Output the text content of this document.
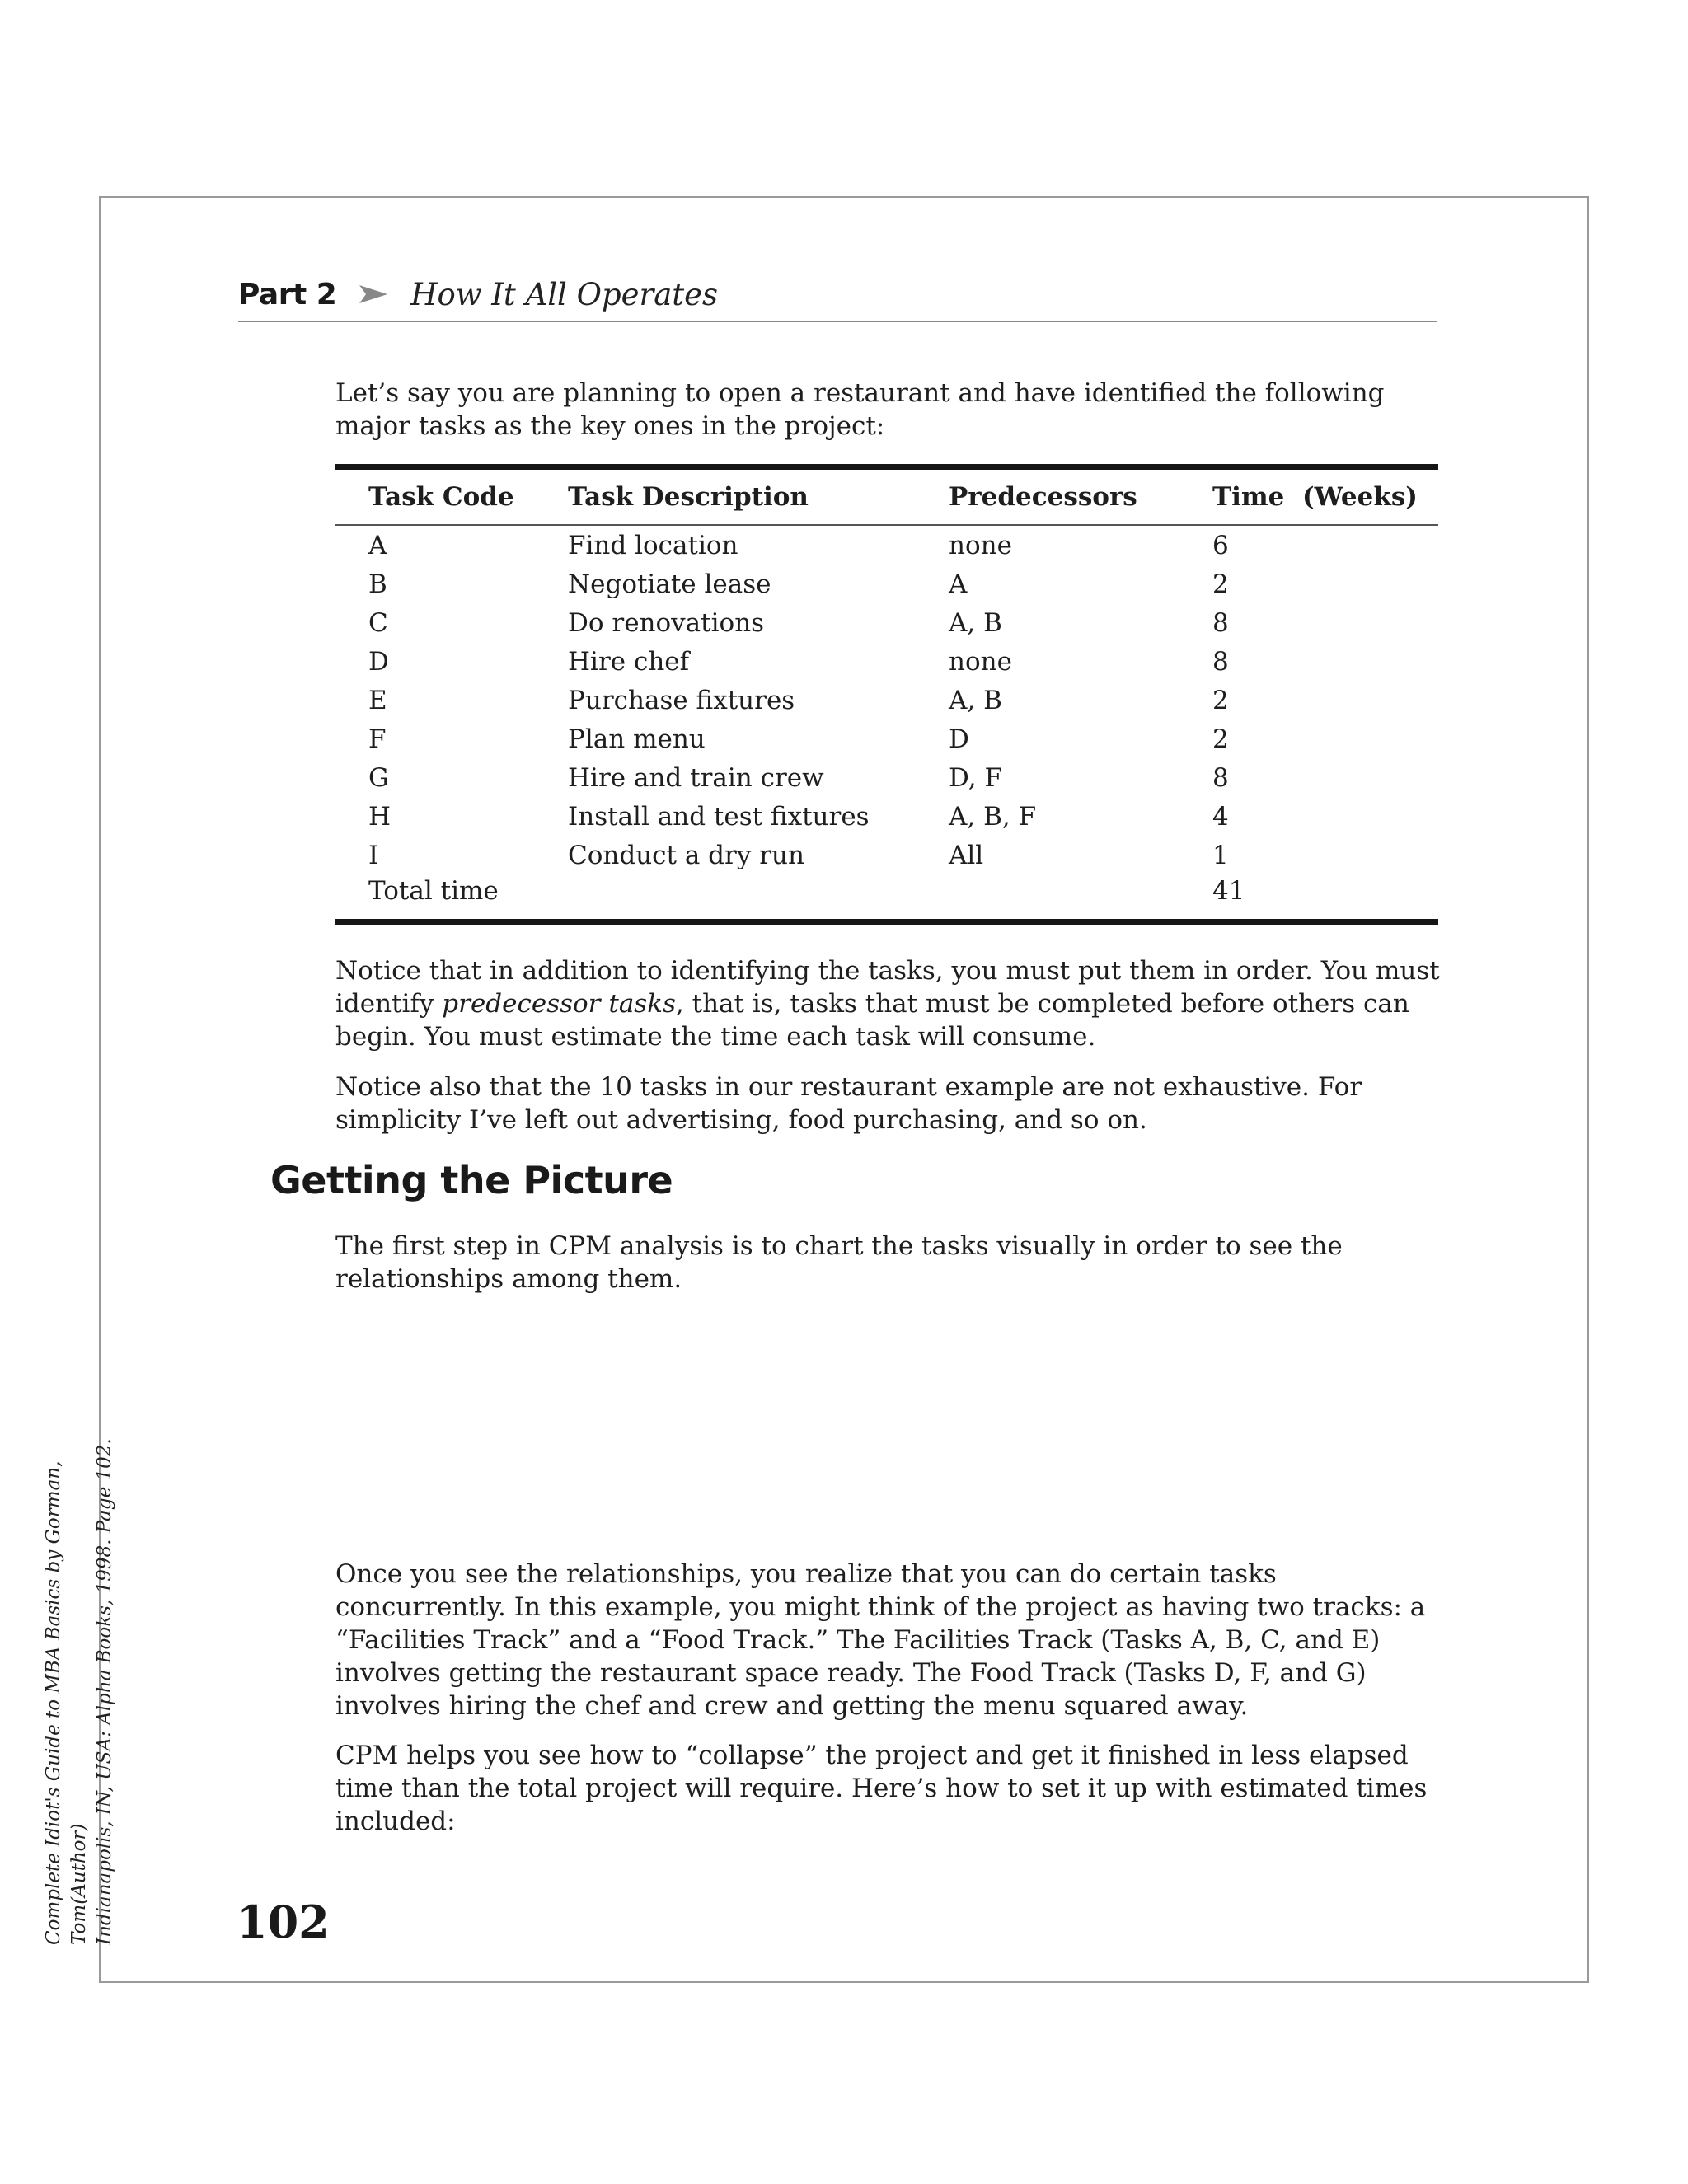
Part 2 How It All Operates

Let’s say you are planning to open a restaurant and have identified the following major tasks as the key ones in the project:

Task Code	Task Description	Predecessors	Time  (Weeks)
A	Find location	none	6
B	Negotiate lease	A	2
C	Do renovations	A, B	8
D	Hire chef	none	8
E	Purchase fixtures	A, B	2
F	Plan menu	D	2
G	Hire and train crew	D, F	8
H	Install and test fixtures	A, B, F	4
I	Conduct a dry run	All	1
Total time			41

Notice that in addition to identifying the tasks, you must put them in order. You must identify predecessor tasks, that is, tasks that must be completed before others can begin. You must estimate the time each task will consume.

Notice also that the 10 tasks in our restaurant example are not exhaustive. For simplicity I’ve left out advertising, food purchasing, and so on.

Getting the Picture

The first step in CPM analysis is to chart the tasks visually in order to see the relationships among them.

Once you see the relationships, you realize that you can do certain tasks concurrently. In this example, you might think of the project as having two tracks: a “Facilities Track” and a “Food Track.” The Facilities Track (Tasks A, B, C, and E) involves getting the restaurant space ready. The Food Track (Tasks D, F, and G) involves hiring the chef and crew and getting the menu squared away.

CPM helps you see how to “collapse” the project and get it finished in less elapsed time than the total project will require. Here’s how to set it up with estimated times included:

102
Complete Idiot's Guide to MBA Basics by Gorman, Tom(Author) Indianapolis, IN, USA: Alpha Books, 1998. Page 102.
